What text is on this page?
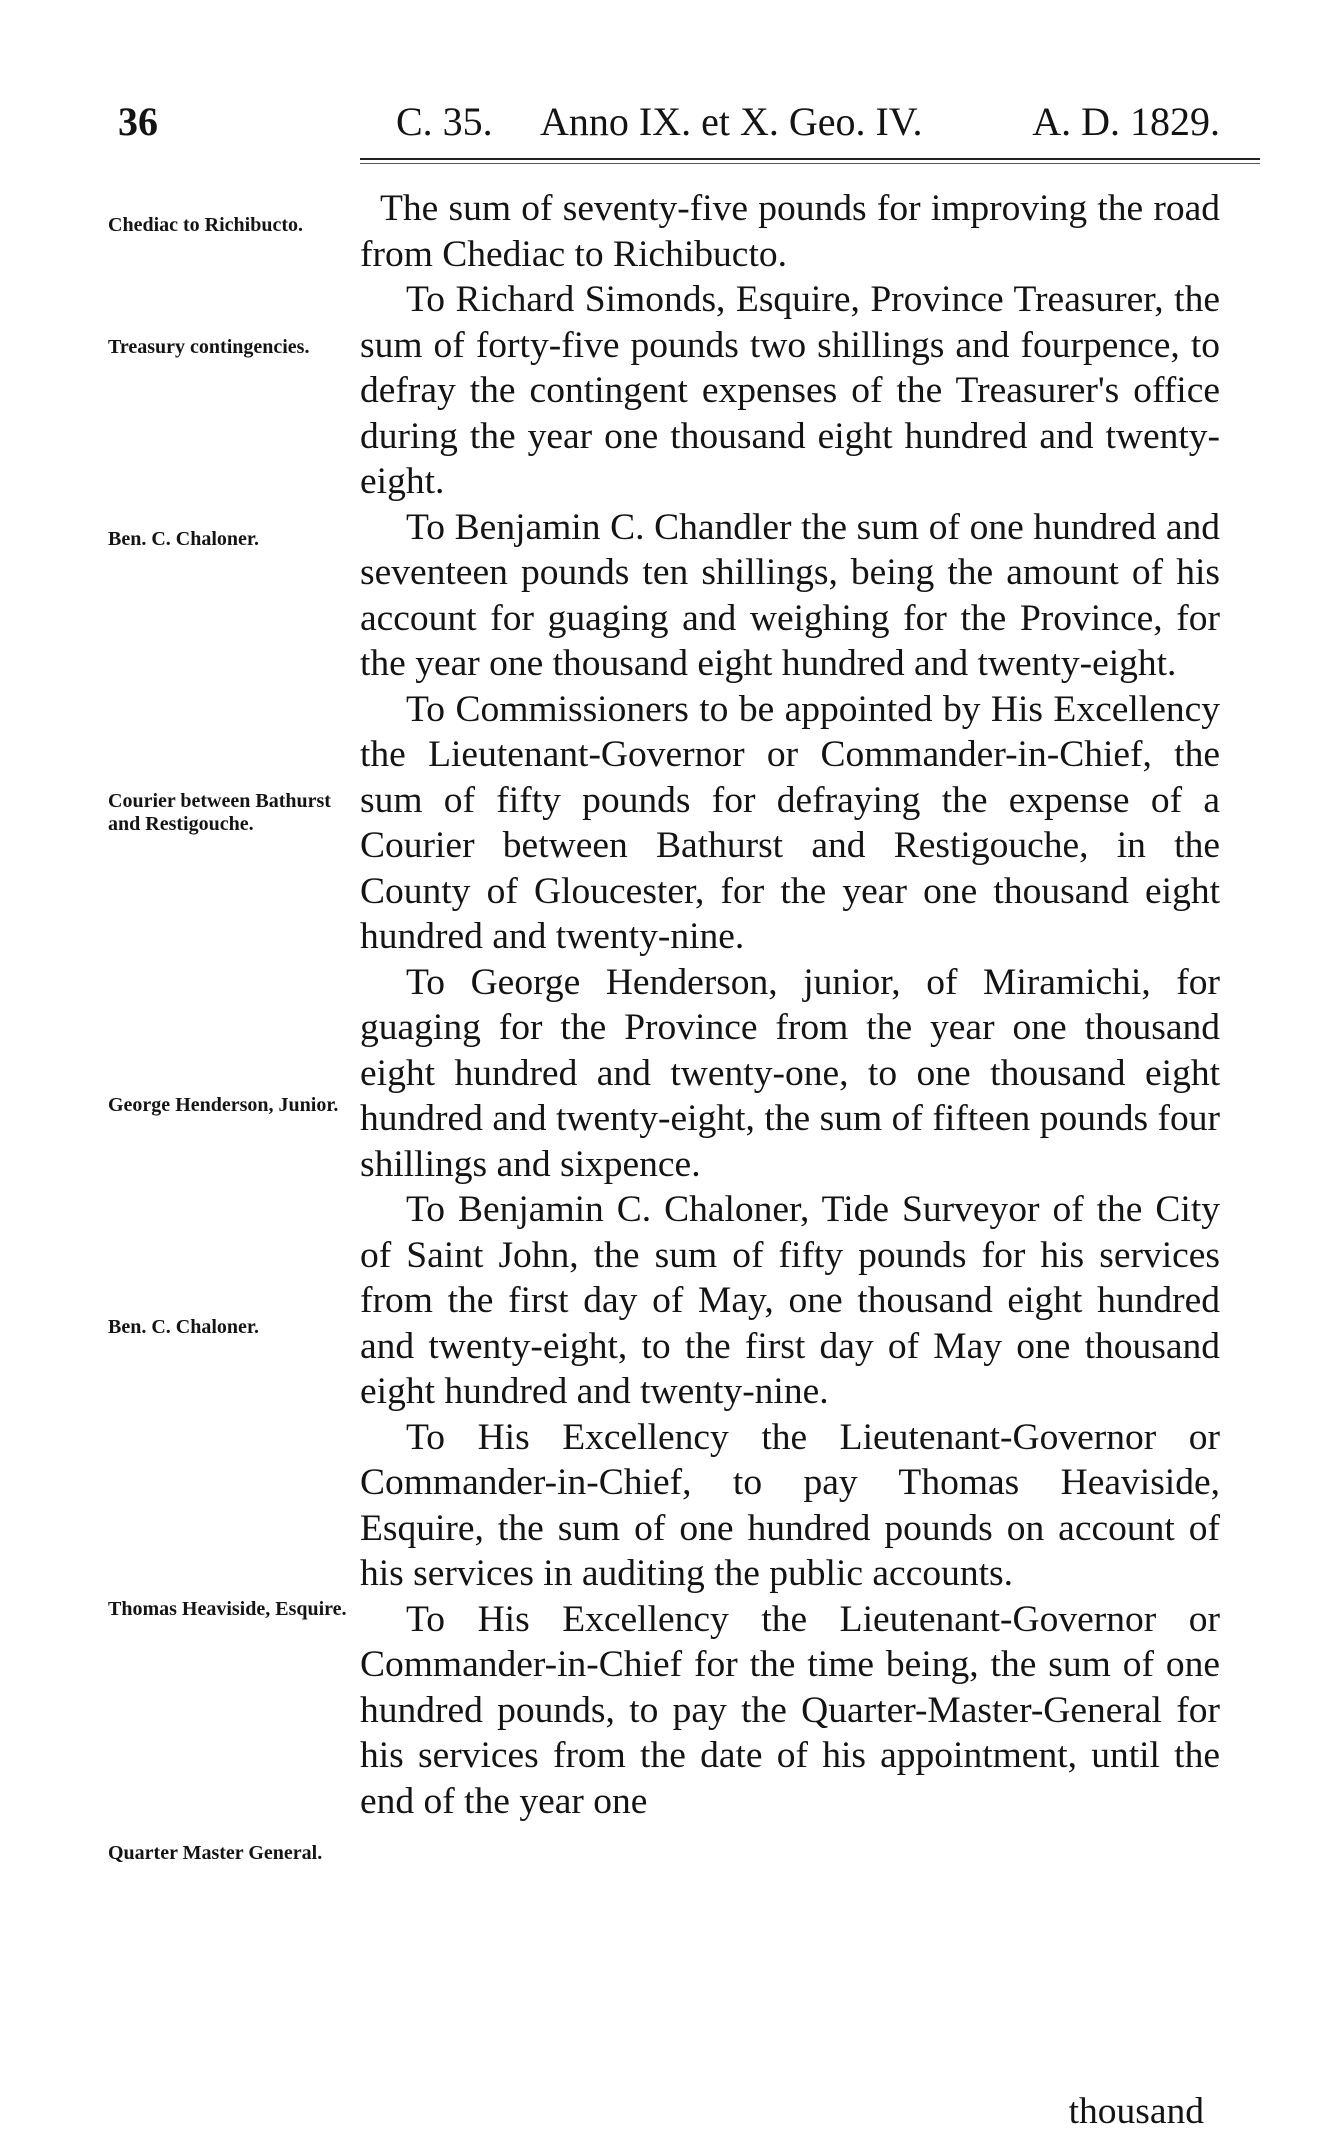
36	C. 35. Anno IX. et X. Geo. IV.	A. D. 1829.
Chediac to Richibucto.
Treasury contingencies.
Ben. C. Chaloner.
Courier between Bathurst and Restigouche.
George Henderson, Junior.
Ben. C. Chaloner.
Thomas Heaviside, Esquire.
Quarter Master General.

The sum of seventy-five pounds for improving the road from Chediac to Richibucto.

To Richard Simonds, Esquire, Province Treasurer, the sum of forty-five pounds two shillings and fourpence, to defray the contingent expenses of the Treasurer's office during the year one thousand eight hundred and twenty-eight.

To Benjamin C. Chandler the sum of one hundred and seventeen pounds ten shillings, being the amount of his account for guaging and weighing for the Province, for the year one thousand eight hundred and twenty-eight.

To Commissioners to be appointed by His Excellency the Lieutenant-Governor or Commander-in-Chief, the sum of fifty pounds for defraying the expense of a Courier between Bathurst and Restigouche, in the County of Gloucester, for the year one thousand eight hundred and twenty-nine.

To George Henderson, junior, of Miramichi, for guaging for the Province from the year one thousand eight hundred and twenty-one, to one thousand eight hundred and twenty-eight, the sum of fifteen pounds four shillings and sixpence.

To Benjamin C. Chaloner, Tide Surveyor of the City of Saint John, the sum of fifty pounds for his services from the first day of May, one thousand eight hundred and twenty-eight, to the first day of May one thousand eight hundred and twenty-nine.

To His Excellency the Lieutenant-Governor or Commander-in-Chief, to pay Thomas Heaviside, Esquire, the sum of one hundred pounds on account of his services in auditing the public accounts.

To His Excellency the Lieutenant-Governor or Commander-in-Chief for the time being, the sum of one hundred pounds, to pay the Quarter-Master-General for his services from the date of his appointment, until the end of the year one

thousand
